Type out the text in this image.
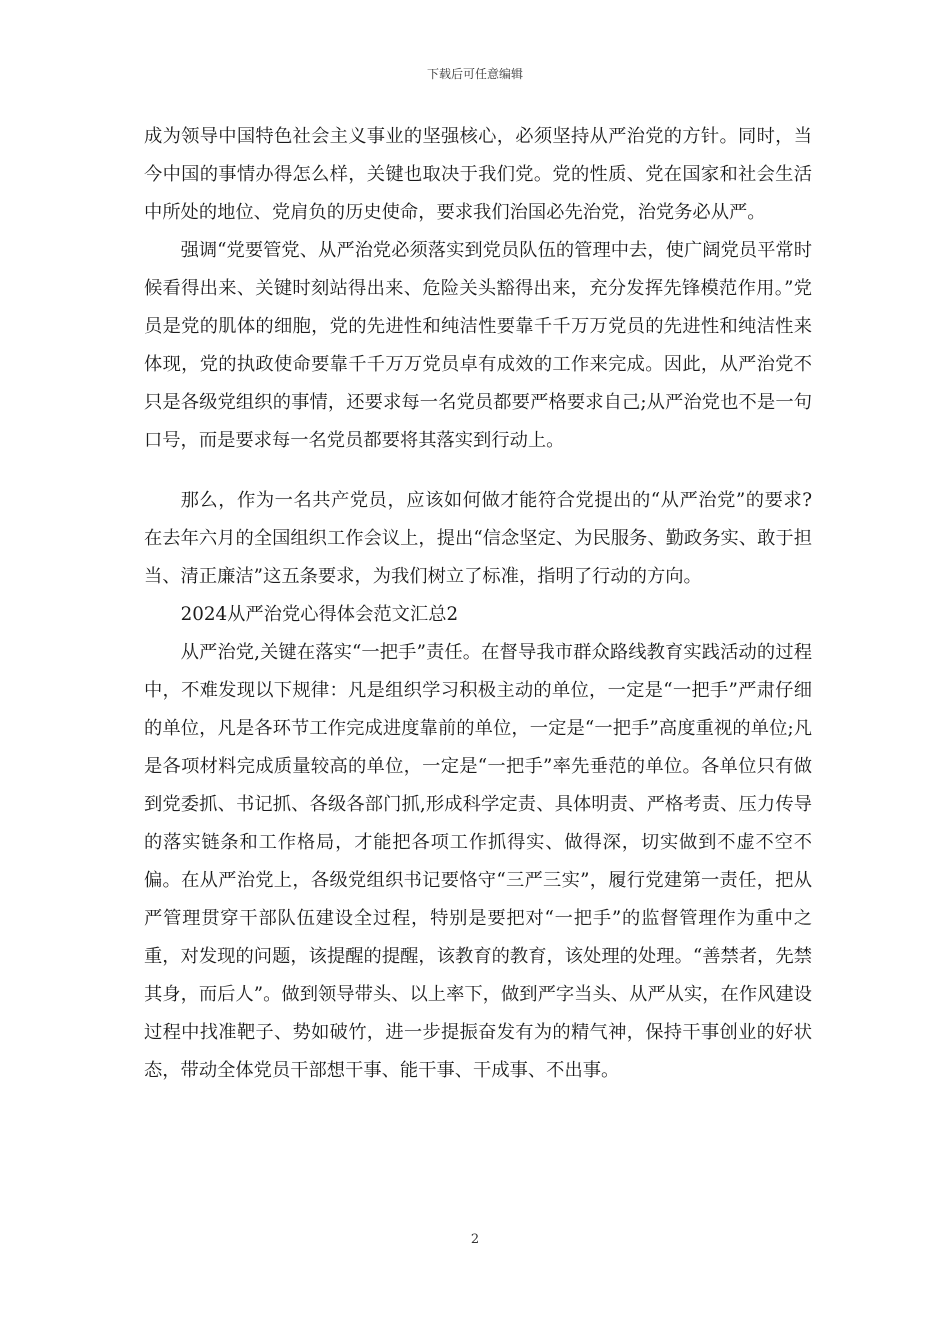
下载后可任意编辑

成为领导中国特色社会主义事业的坚强核心，必须坚持从严治党的方针。同时，当今中国的事情办得怎么样，关键也取决于我们党。党的性质、党在国家和社会生活中所处的地位、党肩负的历史使命，要求我们治国必先治党，治党务必从严。

强调“党要管党、从严治党必须落实到党员队伍的管理中去，使广阔党员平常时候看得出来、关键时刻站得出来、危险关头豁得出来，充分发挥先锋模范作用。”党员是党的肌体的细胞，党的先进性和纯洁性要靠千千万万党员的先进性和纯洁性来体现，党的执政使命要靠千千万万党员卓有成效的工作来完成。因此，从严治党不只是各级党组织的事情，还要求每一名党员都要严格要求自己;从严治党也不是一句口号，而是要求每一名党员都要将其落实到行动上。

那么，作为一名共产党员，应该如何做才能符合党提出的“从严治党”的要求?在去年六月的全国组织工作会议上，提出“信念坚定、为民服务、勤政务实、敢于担当、清正廉洁”这五条要求，为我们树立了标准，指明了行动的方向。

2024从严治党心得体会范文汇总2

从严治党,关键在落实“一把手”责任。在督导我市群众路线教育实践活动的过程中，不难发现以下规律：凡是组织学习积极主动的单位，一定是“一把手”严肃仔细的单位，凡是各环节工作完成进度靠前的单位，一定是“一把手”高度重视的单位;凡是各项材料完成质量较高的单位，一定是“一把手”率先垂范的单位。各单位只有做到党委抓、书记抓、各级各部门抓,形成科学定责、具体明责、严格考责、压力传导的落实链条和工作格局，才能把各项工作抓得实、做得深，切实做到不虚不空不偏。在从严治党上，各级党组织书记要恪守“三严三实”，履行党建第一责任，把从严管理贯穿干部队伍建设全过程，特别是要把对“一把手”的监督管理作为重中之重，对发现的问题，该提醒的提醒，该教育的教育，该处理的处理。“善禁者，先禁其身，而后人”。做到领导带头、以上率下，做到严字当头、从严从实，在作风建设过程中找准靶子、势如破竹，进一步提振奋发有为的精气神，保持干事创业的好状态，带动全体党员干部想干事、能干事、干成事、不出事。

2
